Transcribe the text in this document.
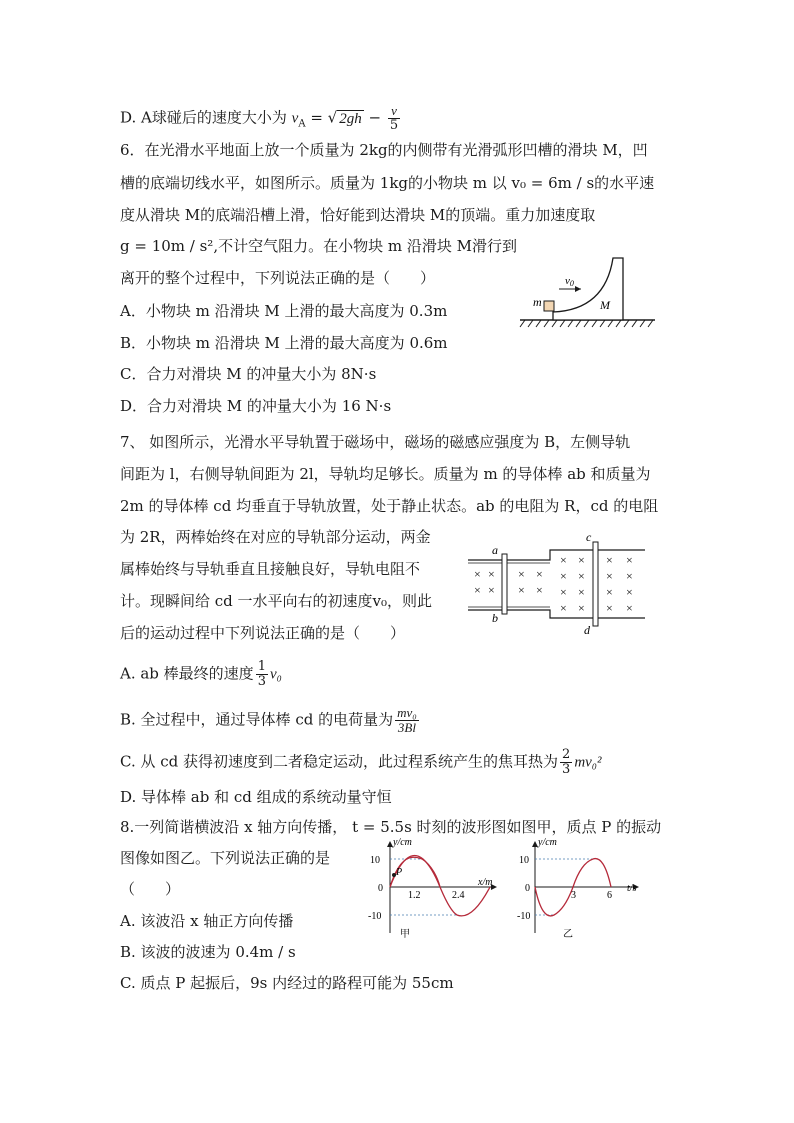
D. A球碰后的速度大小为 $v_A$ = √ $2gh - \frac{v}{5}$
6．在光滑水平地面上放一个质量为 2kg的内侧带有光滑弧形凹槽的滑块 M，凹
槽的底端切线水平，如图所示。质量为 1kg的小物块 m 以 v₀ = 6m / s的水平速
度从滑块 M的底端沿槽上滑，恰好能到达滑块 M的顶端。重力加速度取
g = 10m / s²,不计空气阻力。在小物块 m 沿滑块 M滑行到
离开的整个过程中，下列说法正确的是（　　）
A．小物块 m 沿滑块 M 上滑的最大高度为 0.3m
B．小物块 m 沿滑块 M 上滑的最大高度为 0.6m
C．合力对滑块 M 的冲量大小为 8N·s
D．合力对滑块 M 的冲量大小为 16 N·s
v0
m	M
7、 如图所示，光滑水平导轨置于磁场中，磁场的磁感应强度为 B，左侧导轨
间距为 l，右侧导轨间距为 2l，导轨均足够长。质量为 m 的导体棒 ab 和质量为
2m 的导体棒 cd 均垂直于导轨放置，处于静止状态。ab 的电阻为 R，cd 的电阻
为 2R，两棒始终在对应的导轨部分运动，两金
属棒始终与导轨垂直且接触良好，导轨电阻不
计。现瞬间给 cd 一水平向右的初速度v₀，则此
后的运动过程中下列说法正确的是（　　）
A. ab 棒最终的速度 $\frac{1}{3} v_0$
B. 全过程中，通过导体棒 cd 的电荷量为 $\frac{\text{mv₀}}{3Bl}$
C. 从 cd 获得初速度到二者稳定运动，此过程系统产生的焦耳热为 $\frac{2}{3} mv_0^2$
D. 导体棒 ab 和 cd 组成的系统动量守恒
× ×
× ×
× ×
× ×
× ×
× ×
× ×
× ×
× ×
× ×
× ×
× ×
a
b
c
d
8.一列简谐横波沿 x 轴方向传播， t = 5.5s 时刻的波形图如图甲，质点 P 的振动
图像如图乙。下列说法正确的是
（　　）
A. 该波沿 x 轴正方向传播
B. 该波的波速为 0.4m / s
C. 质点 P 起振后，9s 内经过的路程可能为 55cm
P
y/cm
x/m
10
0
-10
1.2	2.4
甲
y/cm
t/s
10
0
-10
3	6
乙
